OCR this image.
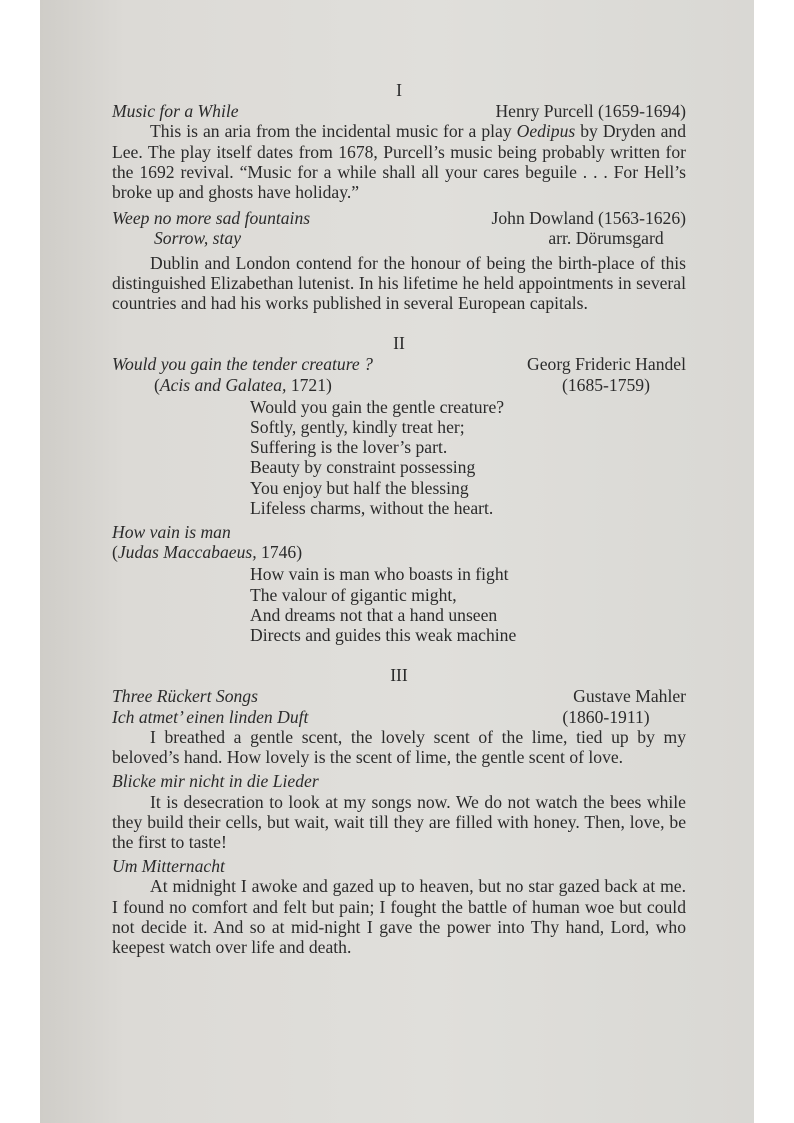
I
Music for a While	Henry Purcell (1659-1694)

This is an aria from the incidental music for a play Oedipus by Dryden and Lee. The play itself dates from 1678, Purcell’s music being probably written for the 1692 revival. “Music for a while shall all your cares beguile . . . For Hell’s broke up and ghosts have holiday.”

Weep no more sad fountains	John Dowland (1563-1626)
Sorrow, stay	arr. Dörumsgard

Dublin and London contend for the honour of being the birth-place of this distinguished Elizabethan lutenist. In his lifetime he held appointments in several countries and had his works published in several European capitals.

II
Would you gain the tender creature ?	Georg Frideric Handel
(Acis and Galatea, 1721)	(1685-1759)
Would you gain the gentle creature?
Softly, gently, kindly treat her;
Suffering is the lover’s part.
Beauty by constraint possessing
You enjoy but half the blessing
Lifeless charms, without the heart.
How vain is man
(Judas Maccabaeus, 1746)
How vain is man who boasts in fight
The valour of gigantic might,
And dreams not that a hand unseen
Directs and guides this weak machine
III
Three Rückert Songs	Gustave Mahler
Ich atmet’ einen linden Duft	(1860-1911)

I breathed a gentle scent, the lovely scent of the lime, tied up by my beloved’s hand. How lovely is the scent of lime, the gentle scent of love.

Blicke mir nicht in die Lieder

It is desecration to look at my songs now. We do not watch the bees while they build their cells, but wait, wait till they are filled with honey. Then, love, be the first to taste!

Um Mitternacht

At midnight I awoke and gazed up to heaven, but no star gazed back at me. I found no comfort and felt but pain; I fought the battle of human woe but could not decide it. And so at mid-night I gave the power into Thy hand, Lord, who keepest watch over life and death.
